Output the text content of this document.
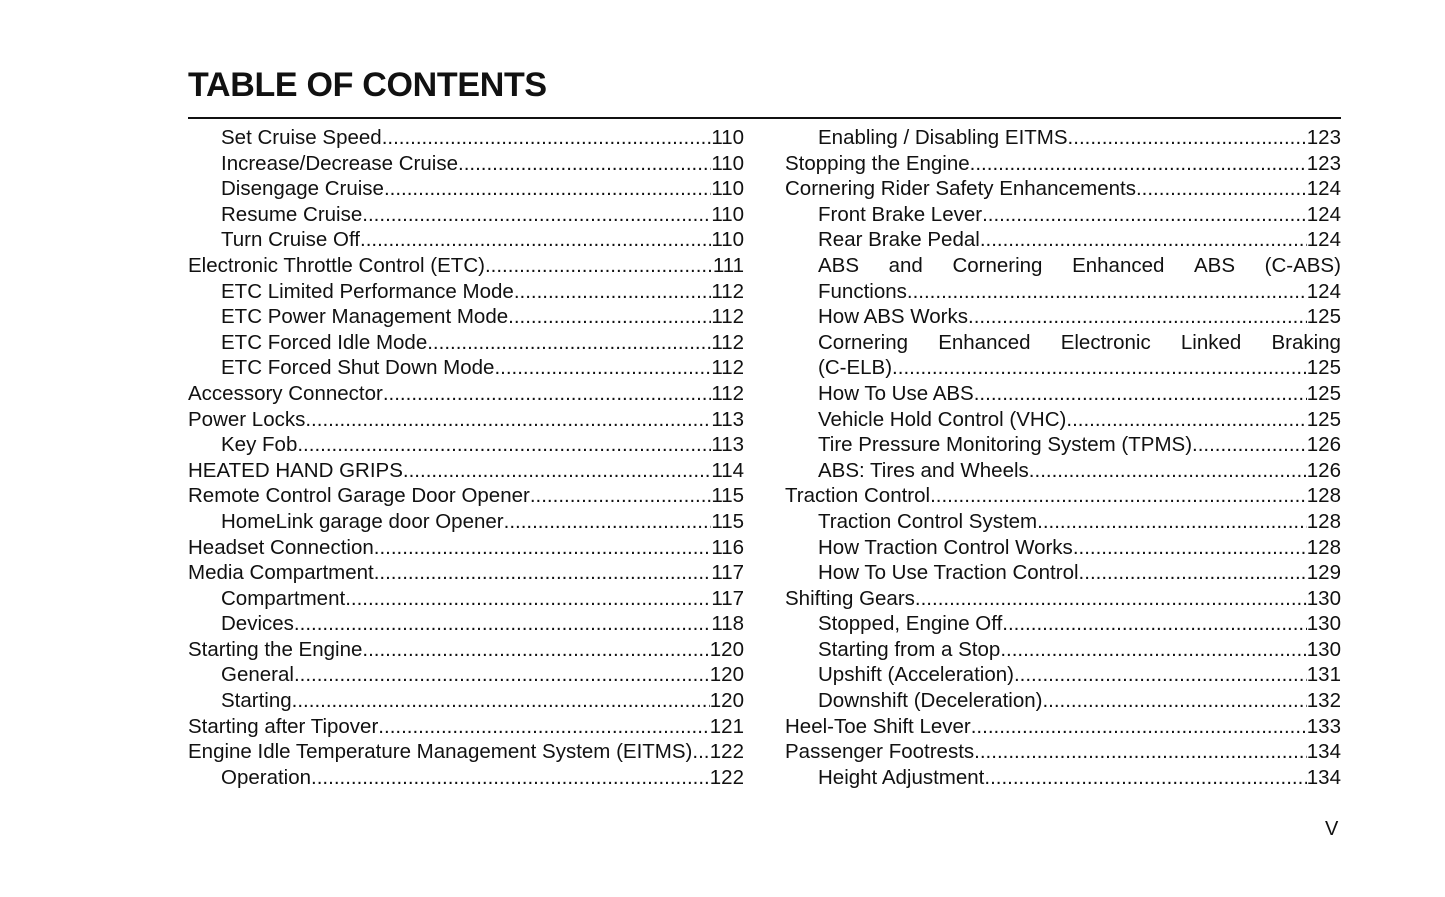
TABLE OF CONTENTS
Set Cruise Speed .....	110
Increase/Decrease Cruise .....	110
Disengage Cruise .....	110
Resume Cruise .....	110
Turn Cruise Off .....	110
Electronic Throttle Control (ETC) .....	111
ETC Limited Performance Mode .....	112
ETC Power Management Mode .....	112
ETC Forced Idle Mode .....	112
ETC Forced Shut Down Mode .....	112
Accessory Connector .....	112
Power Locks .....	113
Key Fob .....	113
HEATED HAND GRIPS .....	114
Remote Control Garage Door Opener .....	115
HomeLink garage door Opener .....	115
Headset Connection .....	116
Media Compartment .....	117
Compartment .....	117
Devices .....	118
Starting the Engine .....	120
General .....	120
Starting .....	120
Starting after Tipover .....	121
Engine Idle Temperature Management System (EITMS) ..... 122
Operation .....	122
Enabling / Disabling EITMS .....	123
Stopping the Engine .....	123
Cornering Rider Safety Enhancements .....	124
Front Brake Lever .....	124
Rear Brake Pedal .....	124
ABS and Cornering Enhanced ABS (C-ABS)
Functions .....	124
How ABS Works .....	125
Cornering Enhanced Electronic Linked Braking
(C-ELB) .....	125
How To Use ABS .....	125
Vehicle Hold Control (VHC) .....	125
Tire Pressure Monitoring System (TPMS) .....	126
ABS: Tires and Wheels .....	126
Traction Control .....	128
Traction Control System .....	128
How Traction Control Works .....	128
How To Use Traction Control .....	129
Shifting Gears .....	130
Stopped, Engine Off .....	130
Starting from a Stop .....	130
Upshift (Acceleration) .....	131
Downshift (Deceleration) .....	132
Heel-Toe Shift Lever .....	133
Passenger Footrests .....	134
Height Adjustment .....	134
V
